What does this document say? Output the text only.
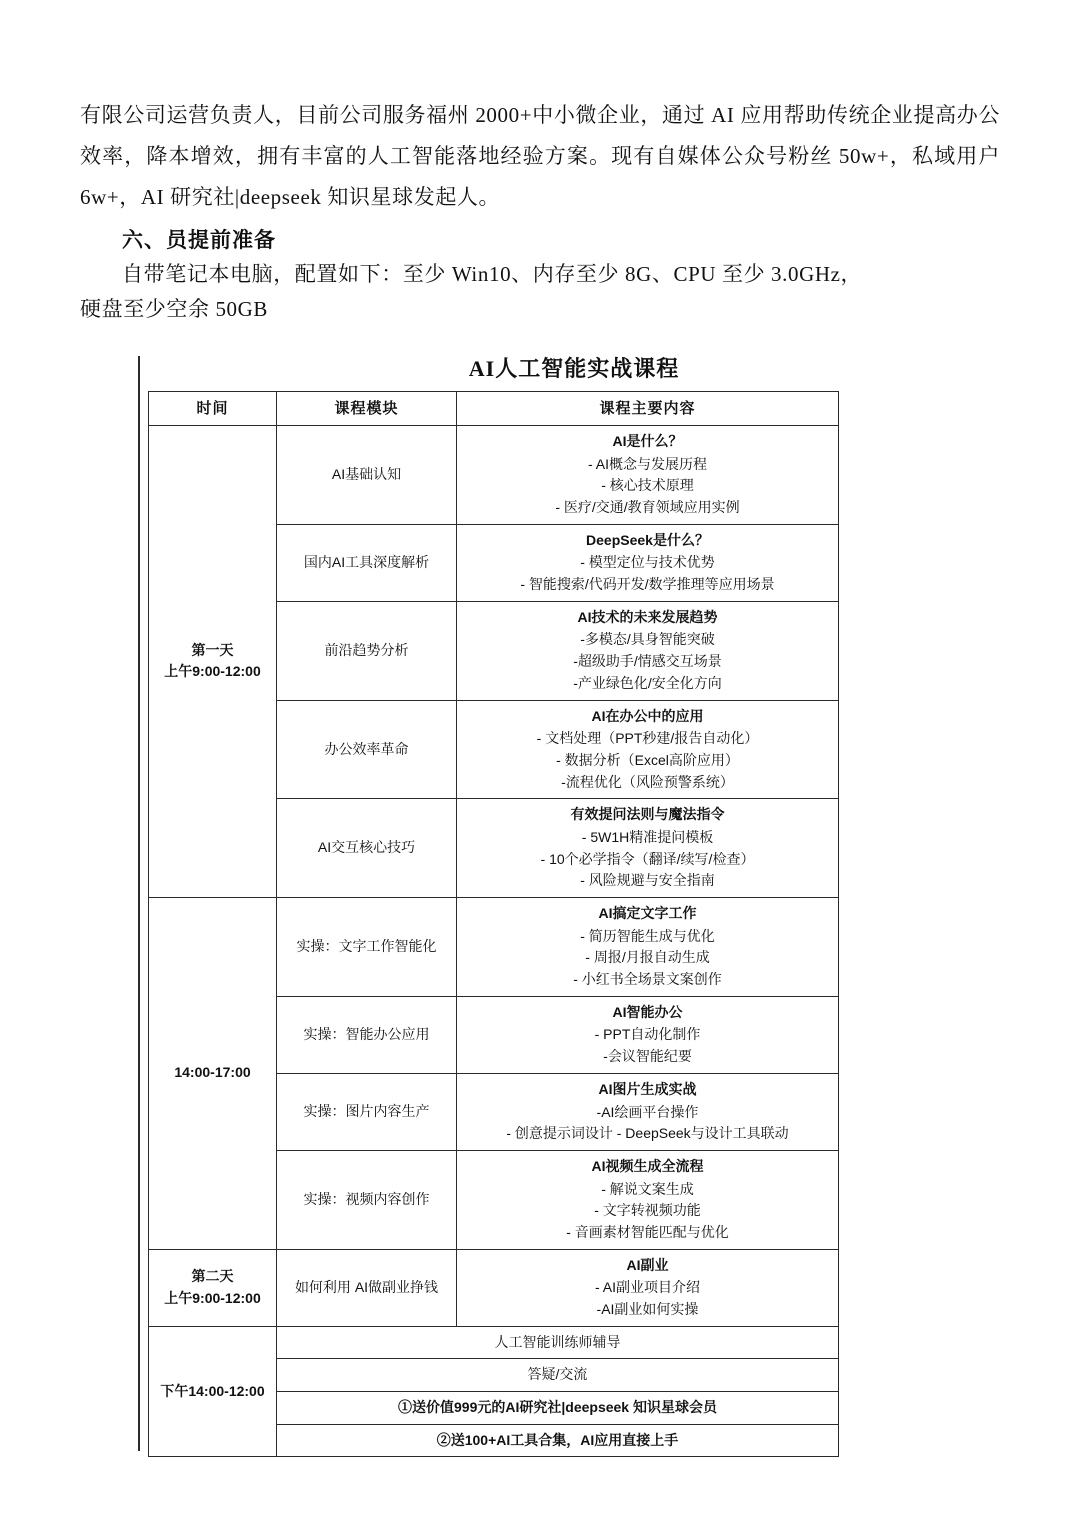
有限公司运营负责人，目前公司服务福州 2000+中小微企业，通过 AI 应用帮助传统企业提高办公效率，降本增效，拥有丰富的人工智能落地经验方案。现有自媒体公众号粉丝 50w+，私域用户 6w+，AI 研究社|deepseek 知识星球发起人。
六、员提前准备
自带笔记本电脑，配置如下：至少 Win10、内存至少 8G、CPU 至少 3.0GHz，
硬盘至少空余 50GB
AI人工智能实战课程
时间	课程模块	课程主要内容
第一天
上午9:00-12:00	AI基础认知	AI是什么？
- AI概念与发展历程
- 核心技术原理
- 医疗/交通/教育领域应用实例

	国内AI工具深度解析	DeepSeek是什么？
- 模型定位与技术优势
- 智能搜索/代码开发/数学推理等应用场景

	前沿趋势分析	AI技术的未来发展趋势
-多模态/具身智能突破
-超级助手/情感交互场景
-产业绿色化/安全化方向

	办公效率革命	AI在办公中的应用
- 文档处理（PPT秒建/报告自动化）
- 数据分析（Excel高阶应用）
-流程优化（风险预警系统）

	AI交互核心技巧	有效提问法则与魔法指令
- 5W1H精准提问模板
- 10个必学指令（翻译/续写/检查）
- 风险规避与安全指南

14:00-17:00	实操：文字工作智能化	AI搞定文字工作
- 简历智能生成与优化
- 周报/月报自动生成
- 小红书全场景文案创作

	实操：智能办公应用	AI智能办公
- PPT自动化制作
-会议智能纪要

	实操：图片内容生产	AI图片生成实战
-AI绘画平台操作
- 创意提示词设计 - DeepSeek与设计工具联动

	实操：视频内容创作	AI视频生成全流程
- 解说文案生成
- 文字转视频功能
- 音画素材智能匹配与优化

第二天
上午9:00-12:00	如何利用 AI做副业挣钱	AI副业
- AI副业项目介绍
-AI副业如何实操

下午14:00-12:00	人工智能训练师辅导	
	答疑/交流	
	①送价值999元的AI研究社|deepseek 知识星球会员	
	②送100+AI工具合集，AI应用直接上手	
